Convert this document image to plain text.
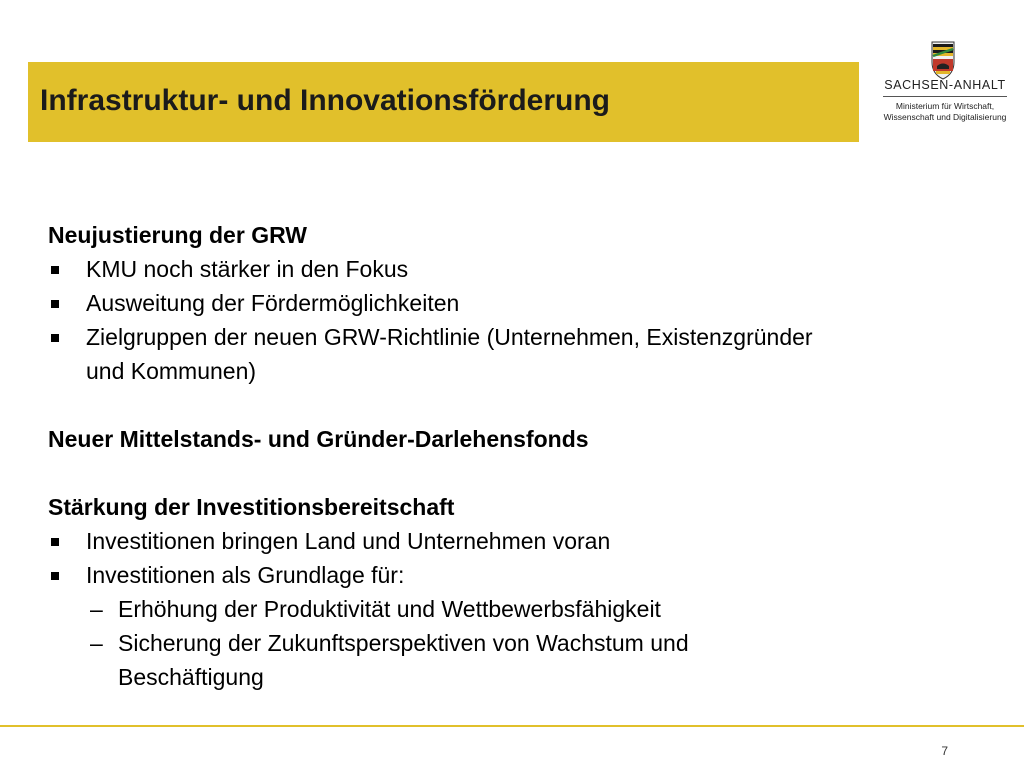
Infrastruktur- und Innovationsförderung	SACHSEN-ANHALT
Ministerium für Wirtschaft,
Wissenschaft und Digitalisierung
Neujustierung der GRW
KMU noch stärker in den Fokus
Ausweitung der Fördermöglichkeiten
Zielgruppen der neuen GRW-Richtlinie (Unternehmen, Existenzgründer und Kommunen)
Neuer Mittelstands- und Gründer-Darlehensfonds
Stärkung der Investitionsbereitschaft
Investitionen bringen Land und Unternehmen voran
Investitionen als Grundlage für:
– Erhöhung der Produktivität und Wettbewerbsfähigkeit
– Sicherung der Zukunftsperspektiven von Wachstum und Beschäftigung
7
